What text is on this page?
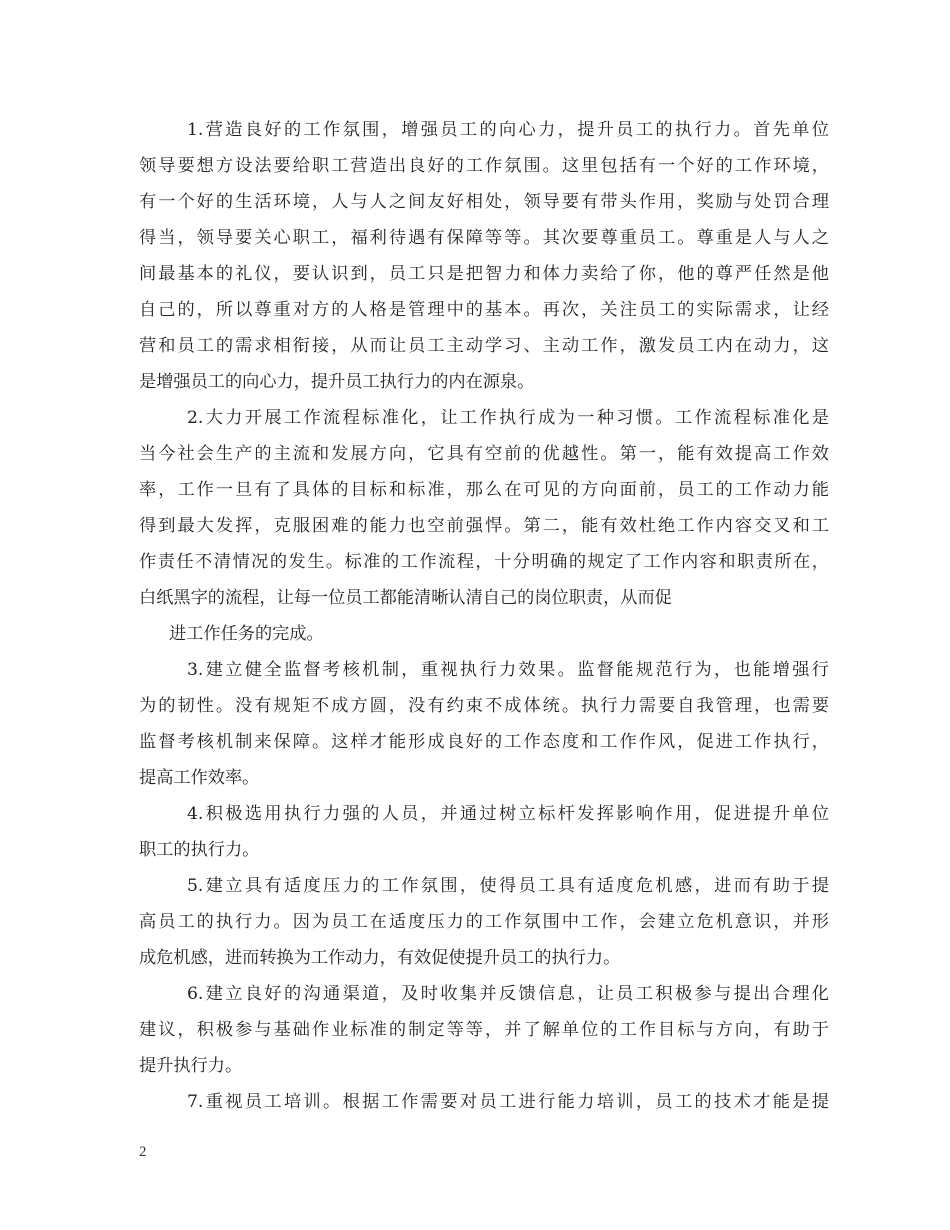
1.营造良好的工作氛围，增强员工的向心力，提升员工的执行力。首先单位
领导要想方设法要给职工营造出良好的工作氛围。这里包括有一个好的工作环境，
有一个好的生活环境，人与人之间友好相处，领导要有带头作用，奖励与处罚合理
得当，领导要关心职工，福利待遇有保障等等。其次要尊重员工。尊重是人与人之
间最基本的礼仪，要认识到，员工只是把智力和体力卖给了你，他的尊严任然是他
自己的，所以尊重对方的人格是管理中的基本。再次，关注员工的实际需求，让经
营和员工的需求相衔接，从而让员工主动学习、主动工作，激发员工内在动力，这
是增强员工的向心力，提升员工执行力的内在源泉。
2.大力开展工作流程标准化，让工作执行成为一种习惯。工作流程标准化是
当今社会生产的主流和发展方向，它具有空前的优越性。第一，能有效提高工作效
率，工作一旦有了具体的目标和标准，那么在可见的方向面前，员工的工作动力能
得到最大发挥，克服困难的能力也空前强悍。第二，能有效杜绝工作内容交叉和工
作责任不清情况的发生。标准的工作流程，十分明确的规定了工作内容和职责所在，
白纸黑字的流程，让每一位员工都能清晰认清自己的岗位职责，从而促
进工作任务的完成。
3.建立健全监督考核机制，重视执行力效果。监督能规范行为，也能增强行
为的韧性。没有规矩不成方圆，没有约束不成体统。执行力需要自我管理，也需要
监督考核机制来保障。这样才能形成良好的工作态度和工作作风，促进工作执行，
提高工作效率。
4.积极选用执行力强的人员，并通过树立标杆发挥影响作用，促进提升单位
职工的执行力。
5.建立具有适度压力的工作氛围，使得员工具有适度危机感，进而有助于提
高员工的执行力。因为员工在适度压力的工作氛围中工作，会建立危机意识，并形
成危机感，进而转换为工作动力，有效促使提升员工的执行力。
6.建立良好的沟通渠道，及时收集并反馈信息，让员工积极参与提出合理化
建议，积极参与基础作业标准的制定等等，并了解单位的工作目标与方向，有助于
提升执行力。
7.重视员工培训。根据工作需要对员工进行能力培训，员工的技术才能是提
2
